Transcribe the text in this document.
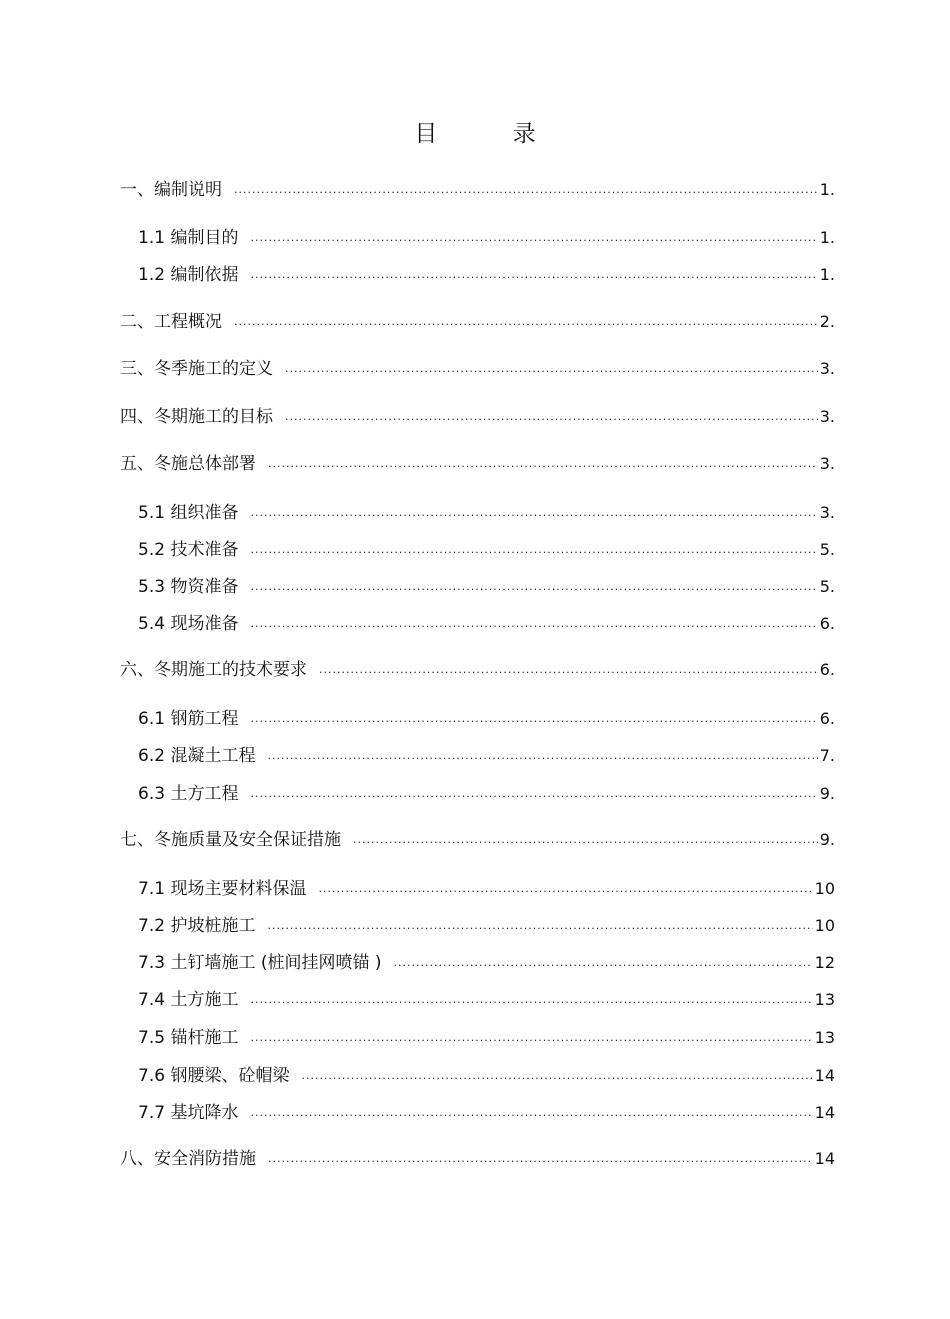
目 录
一、编制说明 .....	1.
1.1 编制目的 .....	1.
1.2 编制依据 .....	1.
二、工程概况 .....	2.
三、冬季施工的定义 .....	3.
四、冬期施工的目标 .....	3.
五、冬施总体部署 .....	3.
5.1 组织准备 .....	3.
5.2 技术准备 .....	5.
5.3 物资准备 .....	5.
5.4 现场准备 .....	6.
六、冬期施工的技术要求 .....	6.
6.1 钢筋工程 .....	6.
6.2 混凝土工程 .....	7.
6.3 土方工程 .....	9.
七、冬施质量及安全保证措施 .....	9.
7.1 现场主要材料保温 .....	10
7.2 护坡桩施工 .....	10
7.3 土钉墙施工 (桩间挂网喷锚 ) .....	12
7.4 土方施工 .....	13
7.5 锚杆施工 .....	13
7.6 钢腰梁、砼帽梁 .....	14
7.7 基坑降水 .....	14
八、安全消防措施 .....	14
